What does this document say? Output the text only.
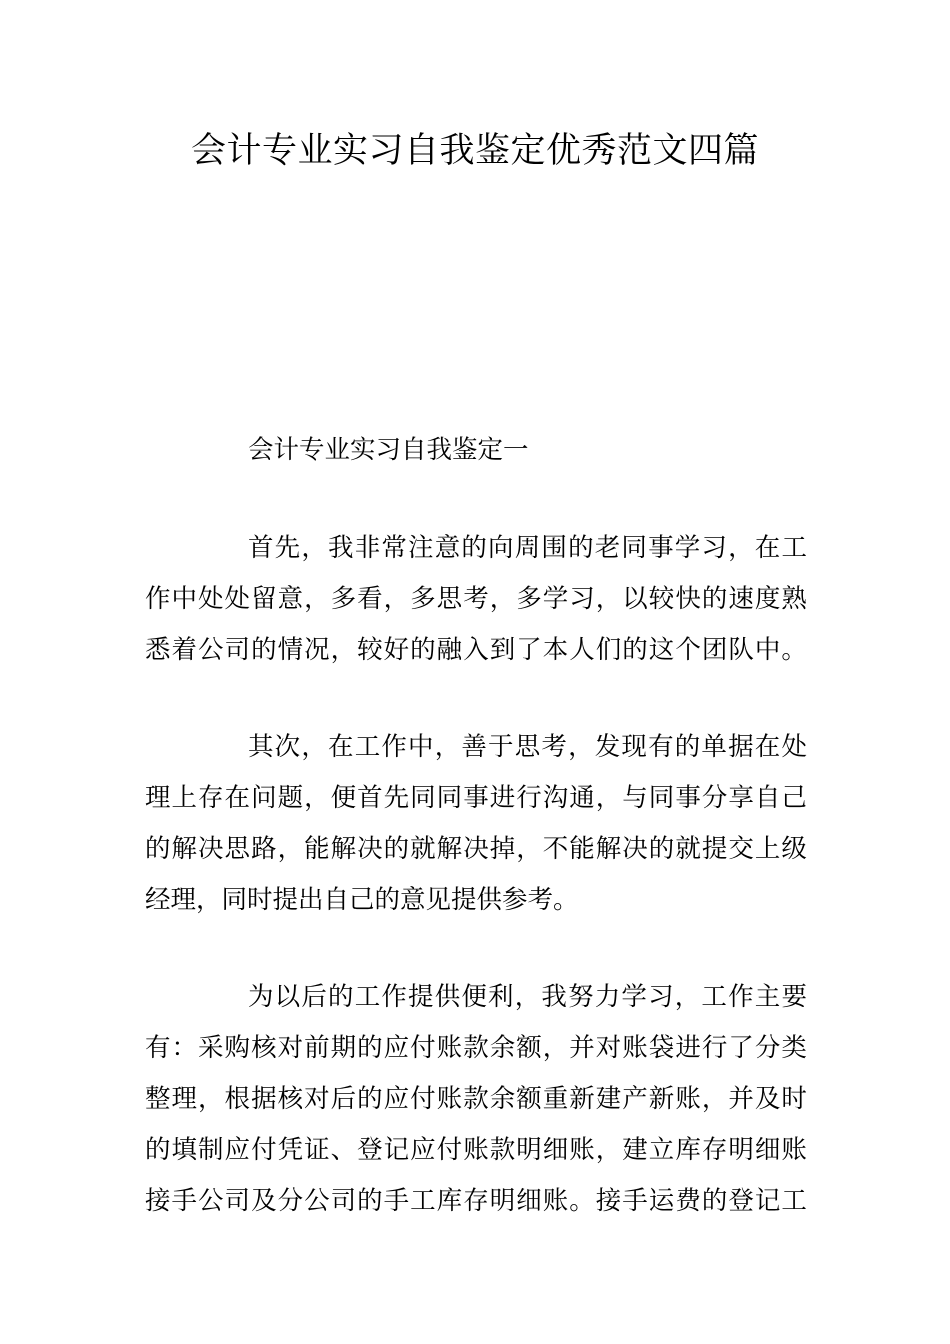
会计专业实习自我鉴定优秀范文四篇
会计专业实习自我鉴定一
首 先 ， 我 非 常 注 意 的 向 周 围 的 老 同 事 学 习 ， 在 工
作 中 处 处 留 意 ， 多 看 ， 多 思 考 ， 多 学 习 ， 以 较 快 的 速 度 熟
悉 着 公 司 的 情 况 ， 较 好 的 融 入 到 了 本 人 们 的 这 个 团 队 中 。
其 次 ， 在 工 作 中 ， 善 于 思 考 ， 发 现 有 的 单 据 在 处
理 上 存 在 问 题 ， 便 首 先 同 同 事 进 行 沟 通 ， 与 同 事 分 享 自 己
的 解 决 思 路 ， 能 解 决 的 就 解 决 掉 ， 不 能 解 决 的 就 提 交 上 级
经理，同时提出自己的意见提供参考。
为 以 后 的 工 作 提 供 便 利 ， 我 努 力 学 习 ， 工 作 主 要
有 ： 采 购 核 对 前 期 的 应 付 账 款 余 额 ， 并 对 账 袋 进 行 了 分 类
整 理 ， 根 据 核 对 后 的 应 付 账 款 余 额 重 新 建 产 新 账 ， 并 及 时
的 填 制 应 付 凭 证 、 登 记 应 付 账 款 明 细 账 ， 建 立 库 存 明 细 账
接 手 公 司 及 分 公 司 的 手 工 库 存 明 细 账 。 接 手 运 费 的 登 记 工
